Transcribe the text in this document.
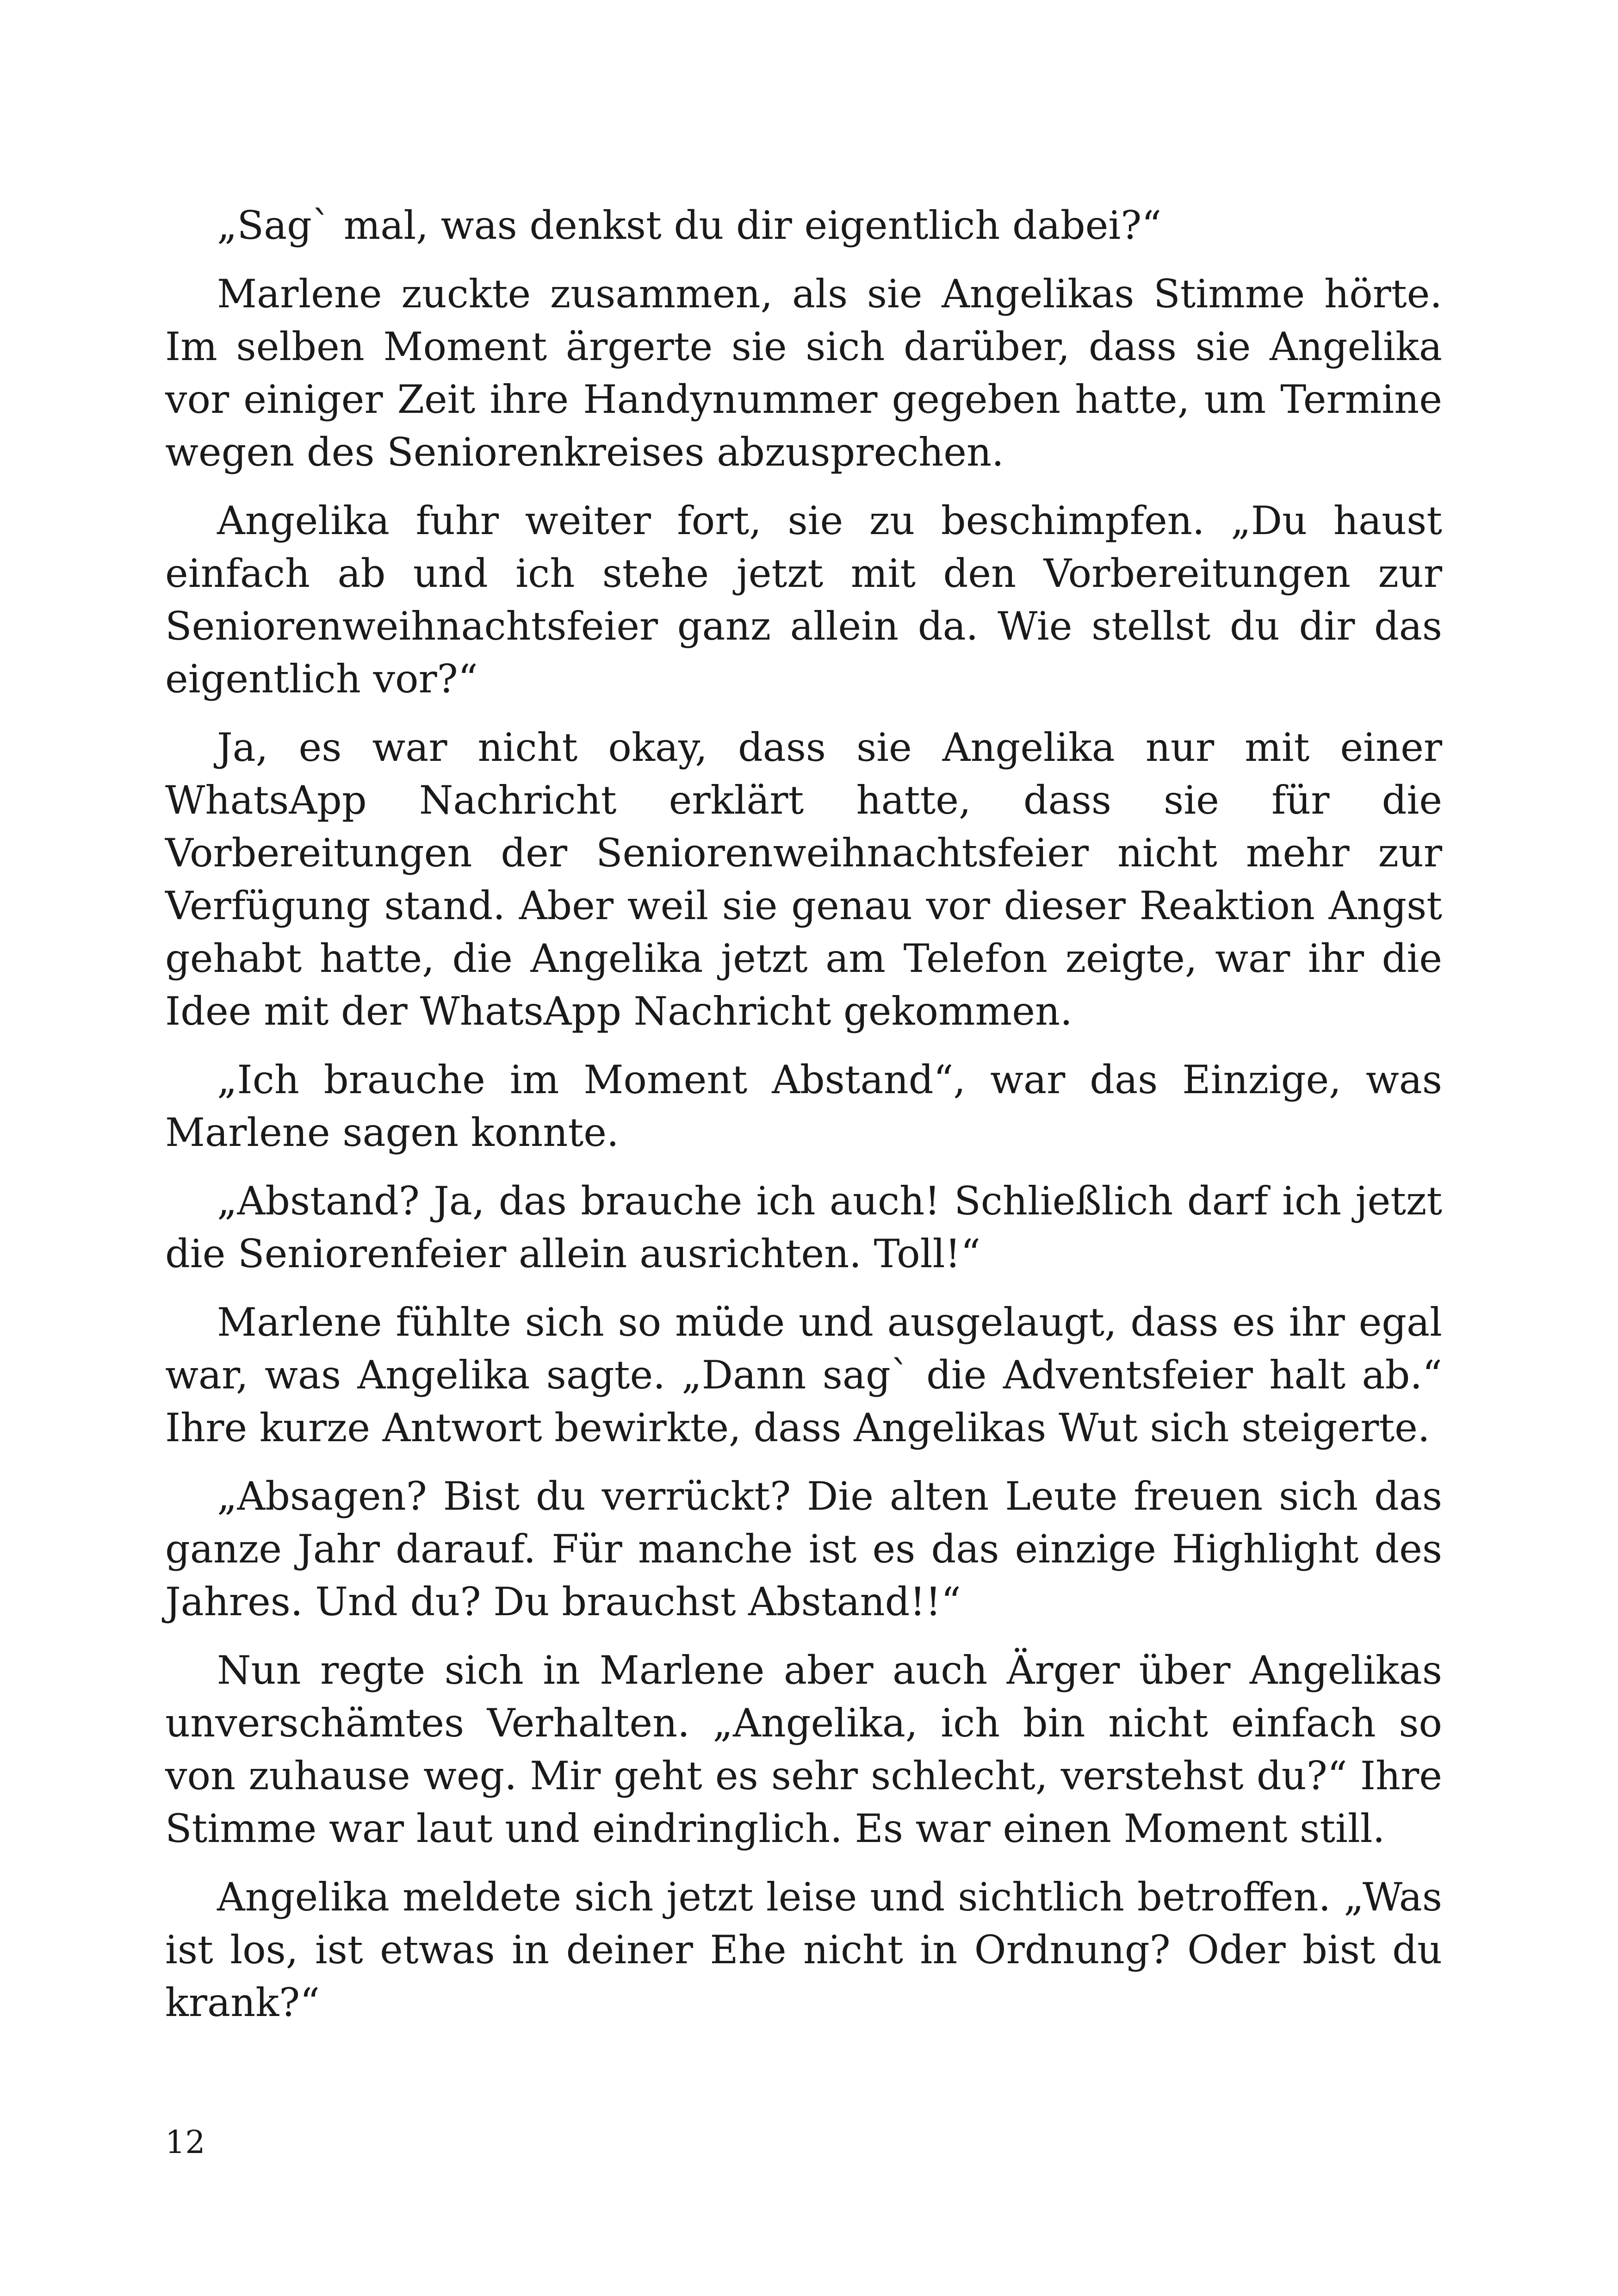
„Sag` mal, was denkst du dir eigentlich dabei?“

Marlene zuckte zusammen, als sie Angelikas Stimme hörte. Im selben Moment ärgerte sie sich darüber, dass sie Angelika vor einiger Zeit ihre Handynummer gegeben hatte, um Termine wegen des Seniorenkreises abzusprechen.

Angelika fuhr weiter fort, sie zu beschimpfen. „Du haust einfach ab und ich stehe jetzt mit den Vorbereitungen zur Seniorenweihnachtsfeier ganz allein da. Wie stellst du dir das eigentlich vor?“

Ja, es war nicht okay, dass sie Angelika nur mit einer WhatsApp Nachricht erklärt hatte, dass sie für die Vorbereitungen der Seniorenweihnachtsfeier nicht mehr zur Verfügung stand. Aber weil sie genau vor dieser Reaktion Angst gehabt hatte, die Angelika jetzt am Telefon zeigte, war ihr die Idee mit der WhatsApp Nachricht gekommen.

„Ich brauche im Moment Abstand“, war das Einzige, was Marlene sagen konnte.

„Abstand? Ja, das brauche ich auch! Schließlich darf ich jetzt die Seniorenfeier allein ausrichten. Toll!“

Marlene fühlte sich so müde und ausgelaugt, dass es ihr egal war, was Angelika sagte. „Dann sag` die Adventsfeier halt ab.“ Ihre kurze Antwort bewirkte, dass Angelikas Wut sich steigerte.

„Absagen? Bist du verrückt? Die alten Leute freuen sich das ganze Jahr darauf. Für manche ist es das einzige Highlight des Jahres. Und du? Du brauchst Abstand!!“

Nun regte sich in Marlene aber auch Ärger über Angelikas unverschämtes Verhalten. „Angelika, ich bin nicht einfach so von zuhause weg. Mir geht es sehr schlecht, verstehst du?“ Ihre Stimme war laut und eindringlich. Es war einen Moment still.

Angelika meldete sich jetzt leise und sichtlich betroffen. „Was ist los, ist etwas in deiner Ehe nicht in Ordnung? Oder bist du krank?“

12
